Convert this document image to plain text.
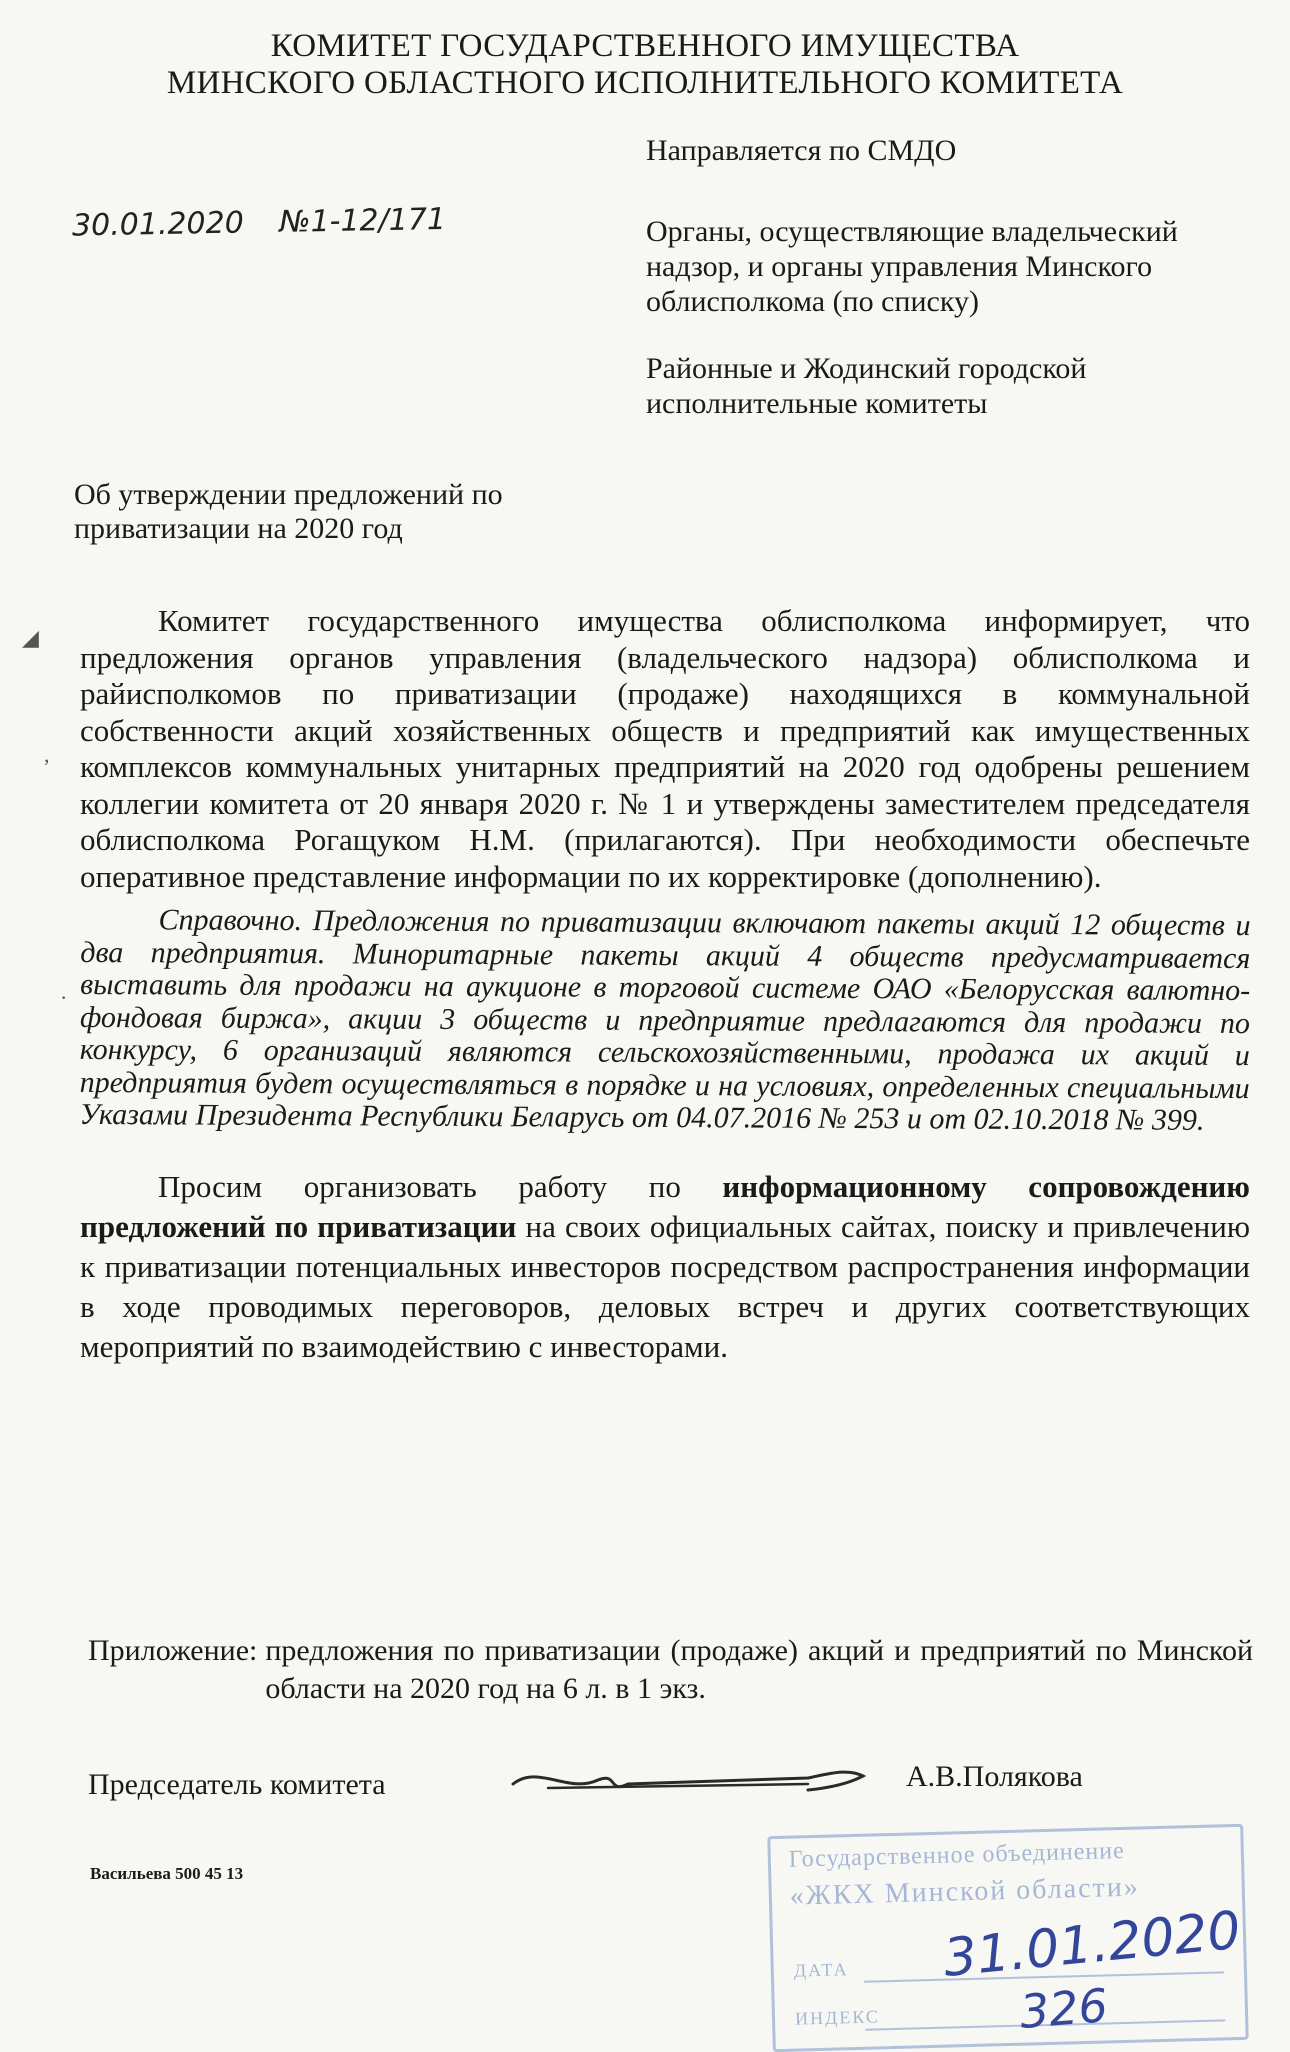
КОМИТЕТ ГОСУДАРСТВЕННОГО ИМУЩЕСТВА
МИНСКОГО ОБЛАСТНОГО ИСПОЛНИТЕЛЬНОГО КОМИТЕТА

Направляется по СМДО

Органы, осуществляющие владельческий надзор, и органы управления Минского облисполкома (по списку)

Районные и Жодинский городской исполнительные комитеты

30.01.2020 №1-12/171
Об утверждении предложений по приватизации на 2020 год
◢
,
·

Комитет государственного имущества облисполкома информирует, что предложения органов управления (владельческого надзора) облисполкома и райисполкомов по приватизации (продаже) находящихся в коммунальной собственности акций хозяйственных обществ и предприятий как имущественных комплексов коммунальных унитарных предприятий на 2020 год одобрены решением коллегии комитета от 20 января 2020 г. № 1 и утверждены заместителем председателя облисполкома Рогащуком Н.М. (прилагаются). При необходимости обеспечьте оперативное представление информации по их корректировке (дополнению).

Справочно. Предложения по приватизации включают пакеты акций 12 обществ и два предприятия. Миноритарные пакеты акций 4 обществ предусматривается выставить для продажи на аукционе в торговой системе ОАО «Белорусская валютно-фондовая биржа», акции 3 обществ и предприятие предлагаются для продажи по конкурсу, 6 организаций являются сельскохозяйственными, продажа их акций и предприятия будет осуществляться в порядке и на условиях, определенных специальными Указами Президента Республики Беларусь от 04.07.2016 № 253 и от 02.10.2018 № 399.

Просим организовать работу по информационному сопровождению предложений по приватизации на своих официальных сайтах, поиску и привлечению к приватизации потенциальных инвесторов посредством распространения информации в ходе проводимых переговоров, деловых встреч и других соответствующих мероприятий по взаимодействию с инвесторами.

Приложение: предложения по приватизации (продаже) акций и предприятий по Минской области на 2020 год на 6 л. в 1 экз.
Председатель комитета	А.В.Полякова
Васильева 500 45 13
Государственное объединение
«ЖКХ Минской области»
ДАТА 31.01.2020
ИНДЕКС	326
